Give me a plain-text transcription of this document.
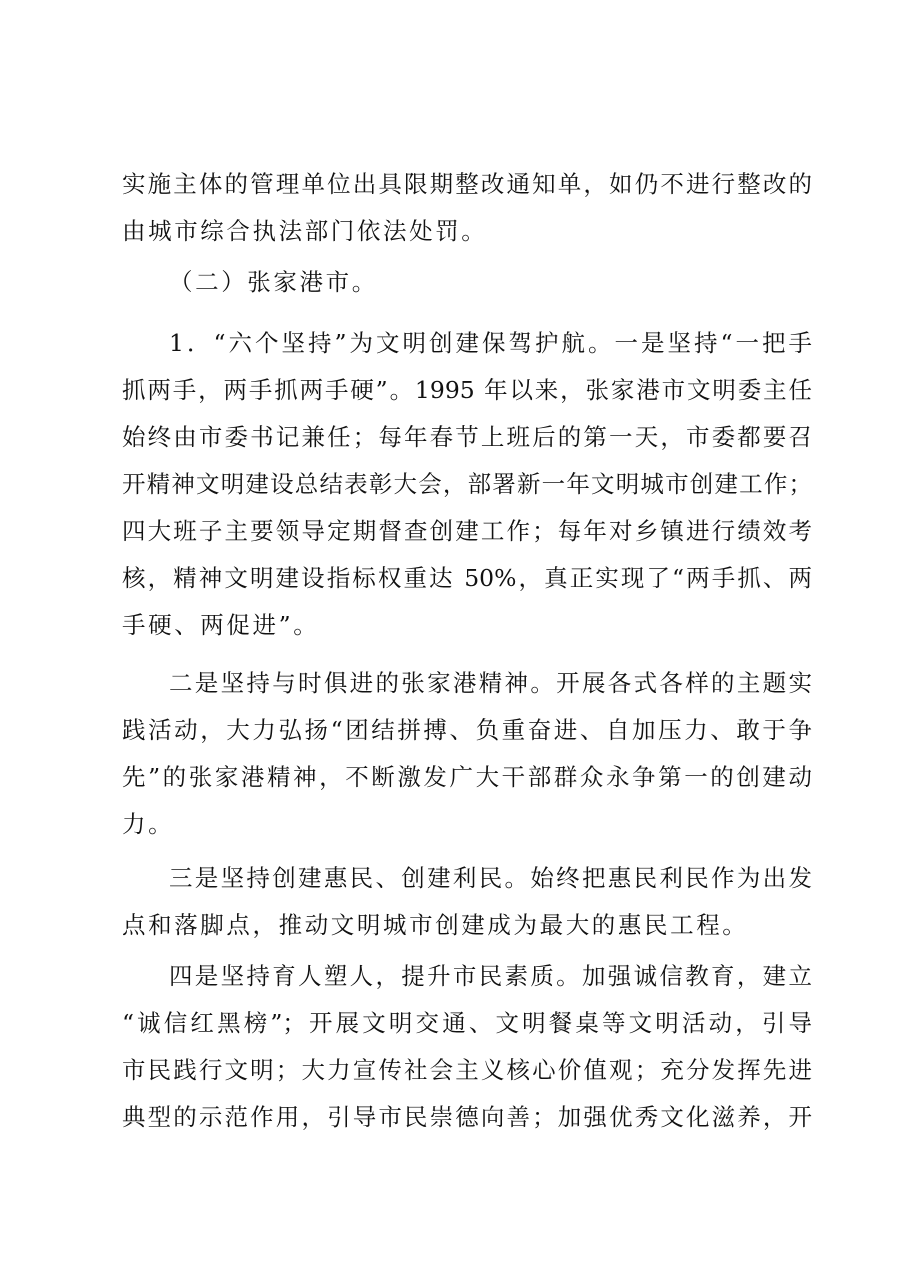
实施主体的管理单位出具限期整改通知单，如仍不进行整改的
由城市综合执法部门依法处罚。
（二）张家港市。
1．“六个坚持”为文明创建保驾护航。一是坚持“一把手
抓两手，两手抓两手硬”。1995 年以来，张家港市文明委主任
始终由市委书记兼任；每年春节上班后的第一天，市委都要召
开精神文明建设总结表彰大会，部署新一年文明城市创建工作；
四大班子主要领导定期督查创建工作；每年对乡镇进行绩效考
核，精神文明建设指标权重达 50%，真正实现了“两手抓、两
手硬、两促进”。
二是坚持与时俱进的张家港精神。开展各式各样的主题实
践活动，大力弘扬“团结拼搏、负重奋进、自加压力、敢于争
先”的张家港精神，不断激发广大干部群众永争第一的创建动
力。
三是坚持创建惠民、创建利民。始终把惠民利民作为出发
点和落脚点，推动文明城市创建成为最大的惠民工程。
四是坚持育人塑人，提升市民素质。加强诚信教育，建立
“诚信红黑榜”；开展文明交通、文明餐桌等文明活动，引导
市民践行文明；大力宣传社会主义核心价值观；充分发挥先进
典型的示范作用，引导市民崇德向善；加强优秀文化滋养，开
